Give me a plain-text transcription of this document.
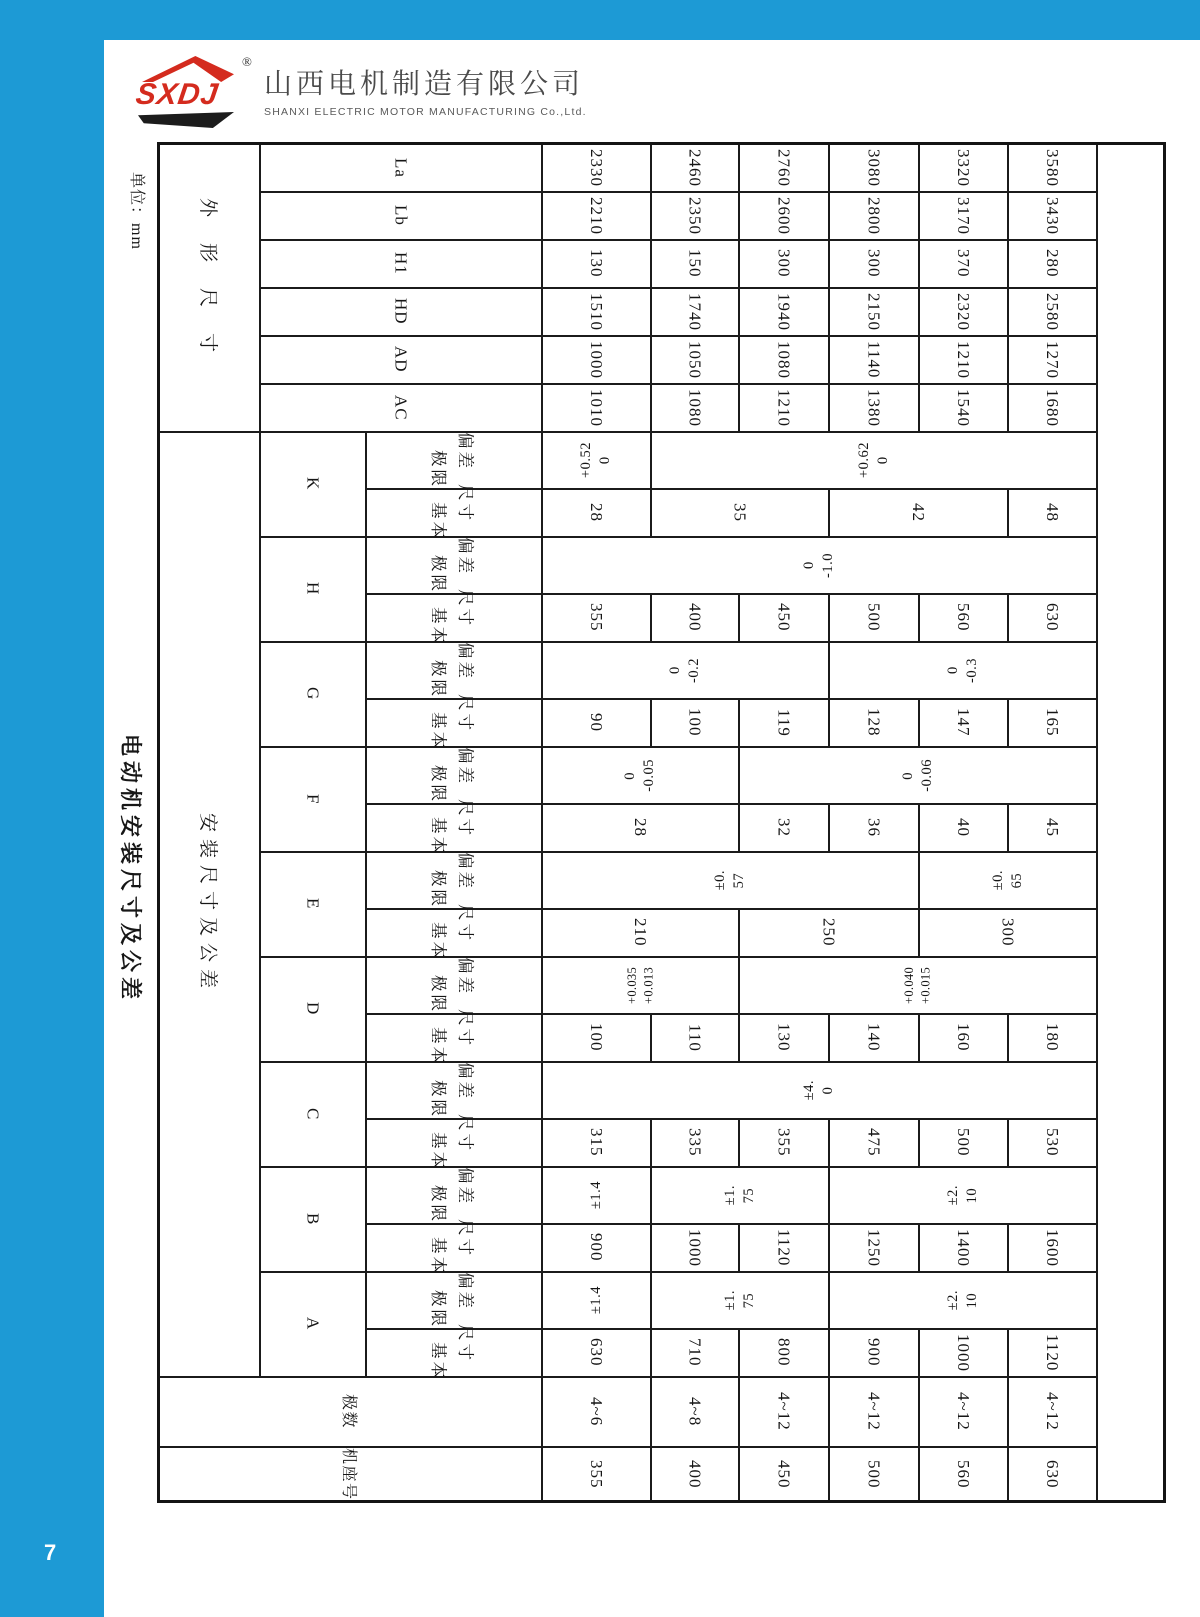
7
SXDJ
®
山西电机制造有限公司
SHANXI ELECTRIC MOTOR MANUFACTURING Co.,Ltd.
单位：mm
电动机安装尺寸及公差
外形尺寸	La		2330	2460	2760	3080	3320	3580	

	Lb		2210	2350	2600	2800	3170	3430	

	H1		130	150	300	300	370	280	

	HD		1510	1740	1940	2150	2320	2580	

	AD		1000	1050	1080	1140	1210	1270	

	AC		1010	1080	1210	1380	1540	1680	

安装尺寸及公差	K	极限 偏差	+0.52 0	+0.62 0					

		基本 尺寸	28	35		42		48	

	H	极限 偏差	0 -1.0						

		基本 尺寸	355	400	450	500	560	630	

	G	极限 偏差	0 -0.2			0 -0.3			

		基本 尺寸	90	100	119	128	147	165	

	F	极限 偏差	0 -0.05		0 -0.06				

		基本 尺寸	28		32	36	40	45	

	E	极限 偏差	±0. 57				±0. 65		

		基本 尺寸	210		250		300		

	D	极限 偏差	+0.035 +0.013		+0.040 +0.015				

		基本 尺寸	100	110	130	140	160	180	

	C	极限 偏差	±4. 0						

		基本 尺寸	315	335	355	475	500	530	

	B	极限 偏差	±1.4	±1. 75		±2. 10			

		基本 尺寸	900	1000	1120	1250	1400	1600	

	A	极限 偏差	±1.4	±1. 75		±2. 10			

		基本 尺寸	630	710	800	900	1000	1120	

极数			4~6	4~8	4~12	4~12	4~12	4~12	

机座号			355	400	450	500	560	630	
